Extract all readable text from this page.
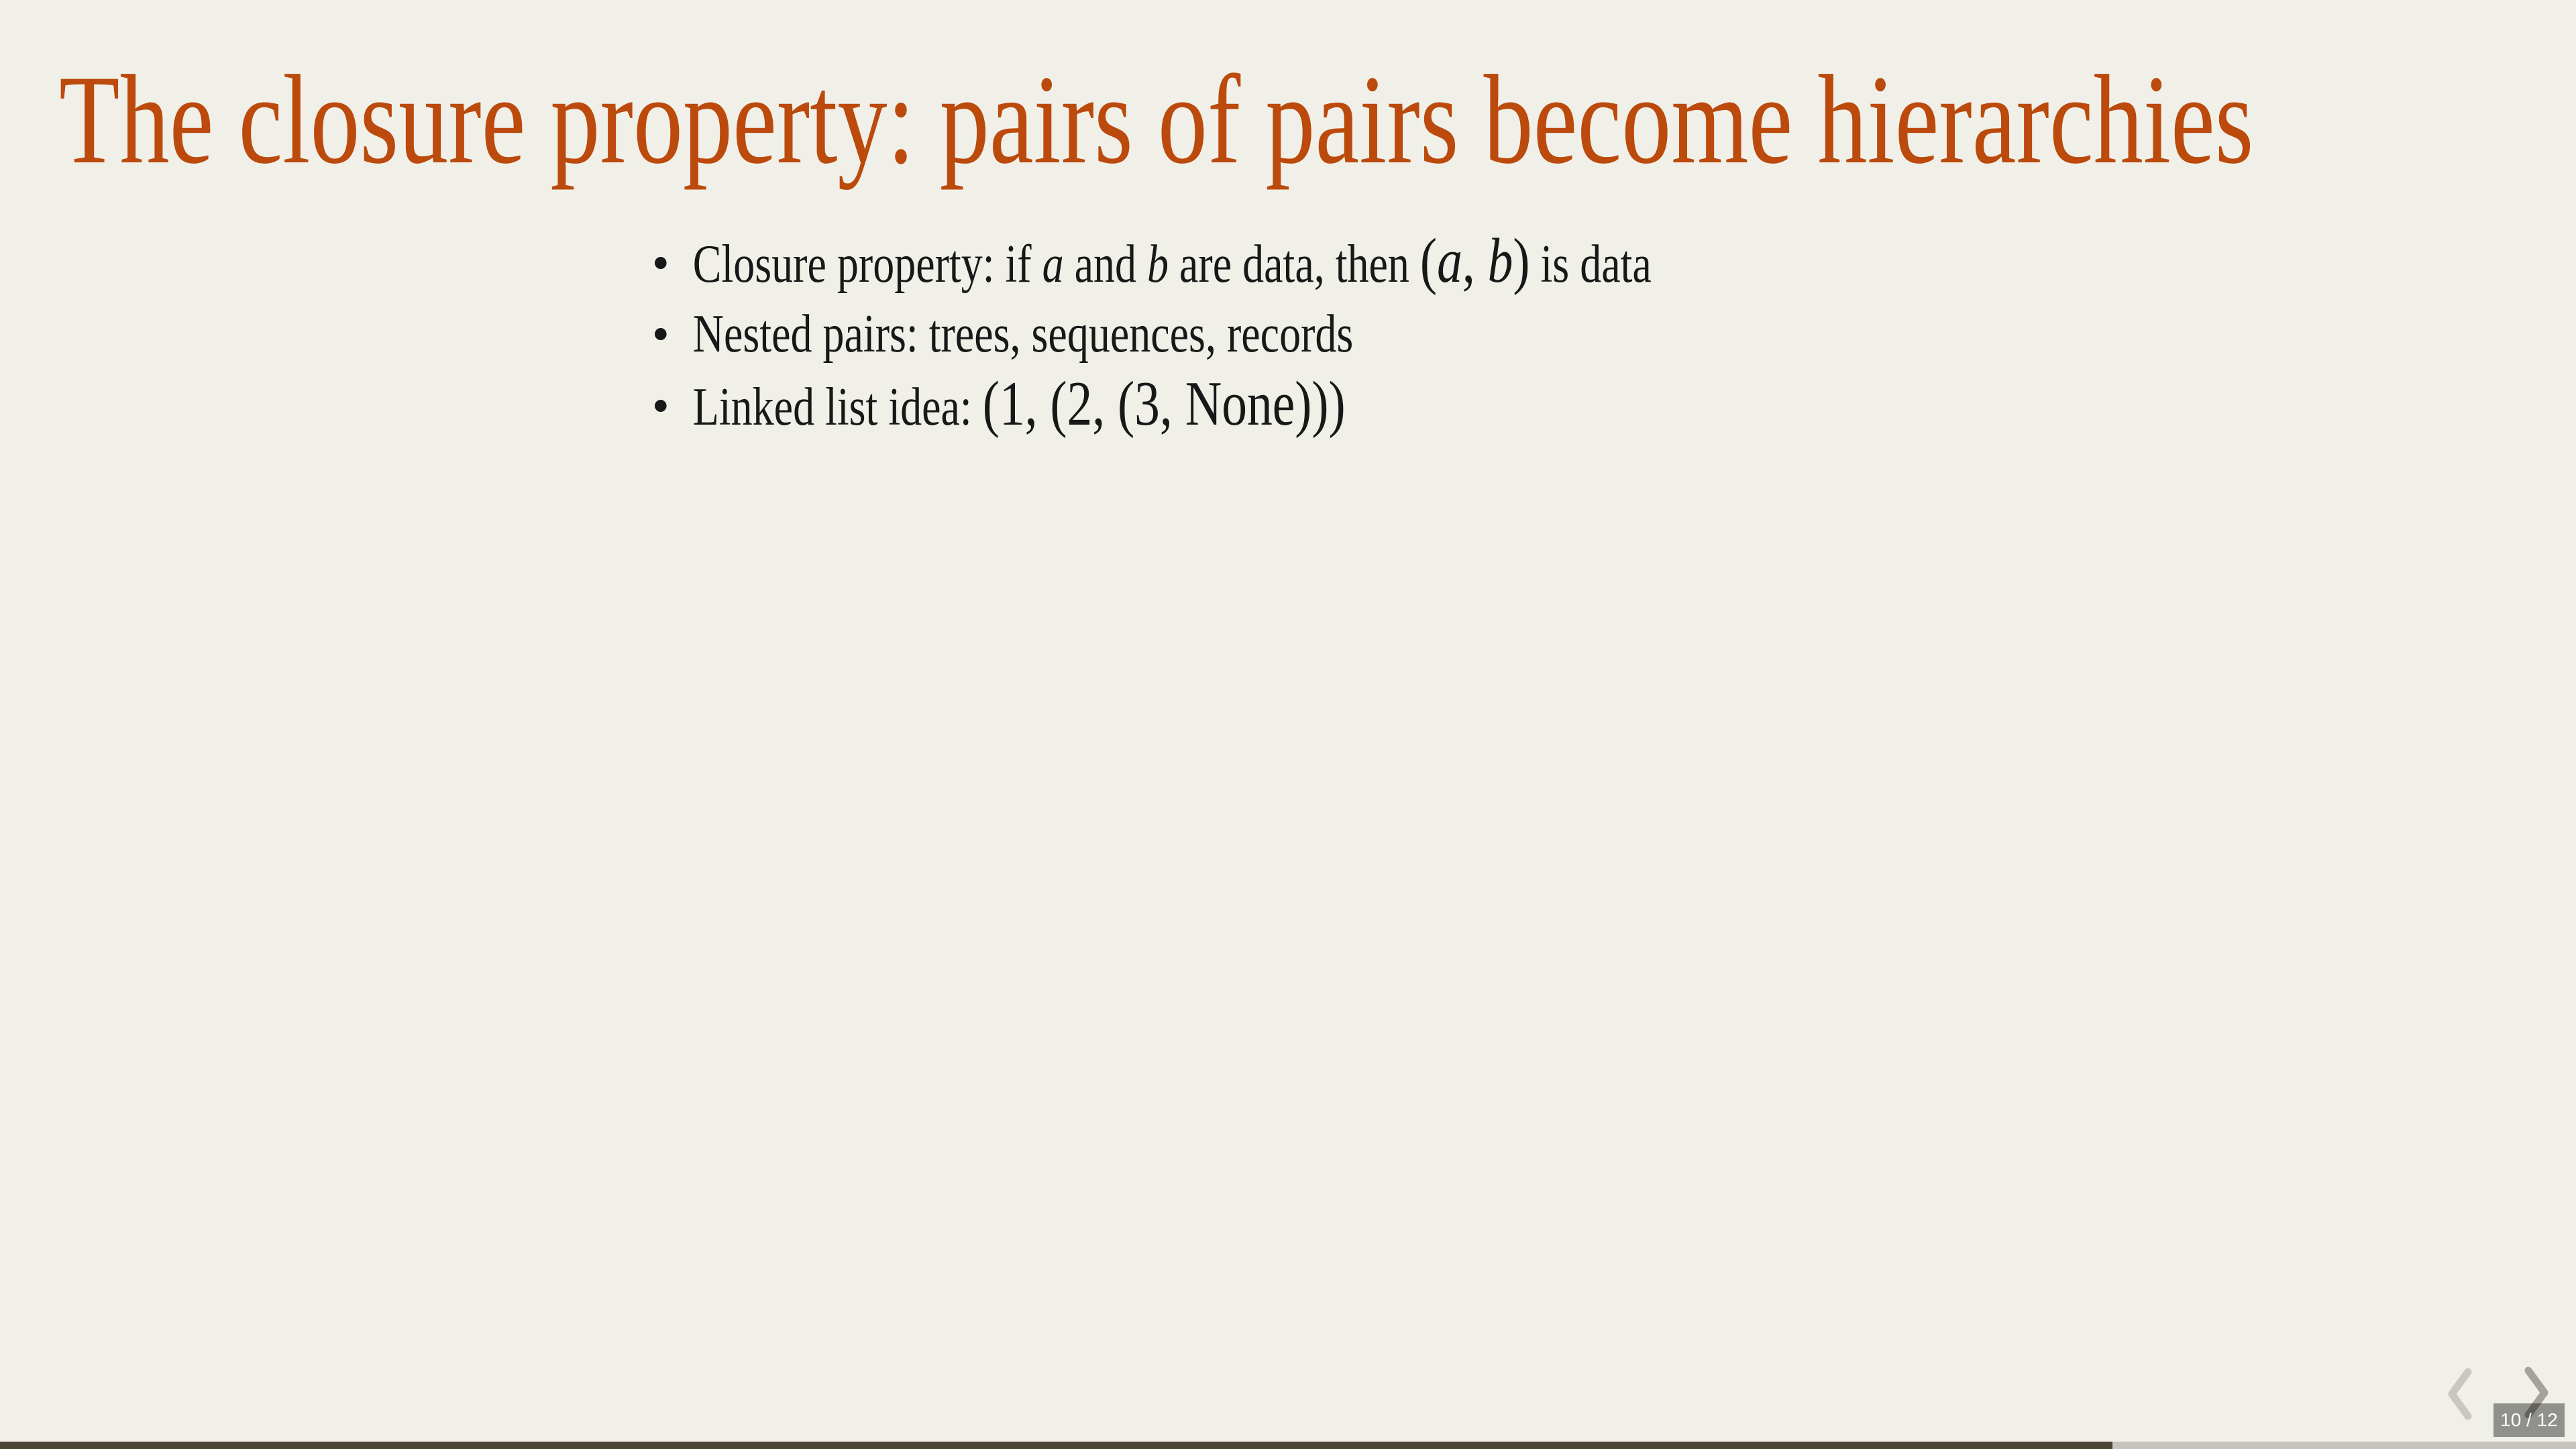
The closure property: pairs of pairs become hierarchies
Closure property: if a and b are data, then (a, b) is data
Nested pairs: trees, sequences, records
Linked list idea: (1, (2, (3, None)))
10 / 12
